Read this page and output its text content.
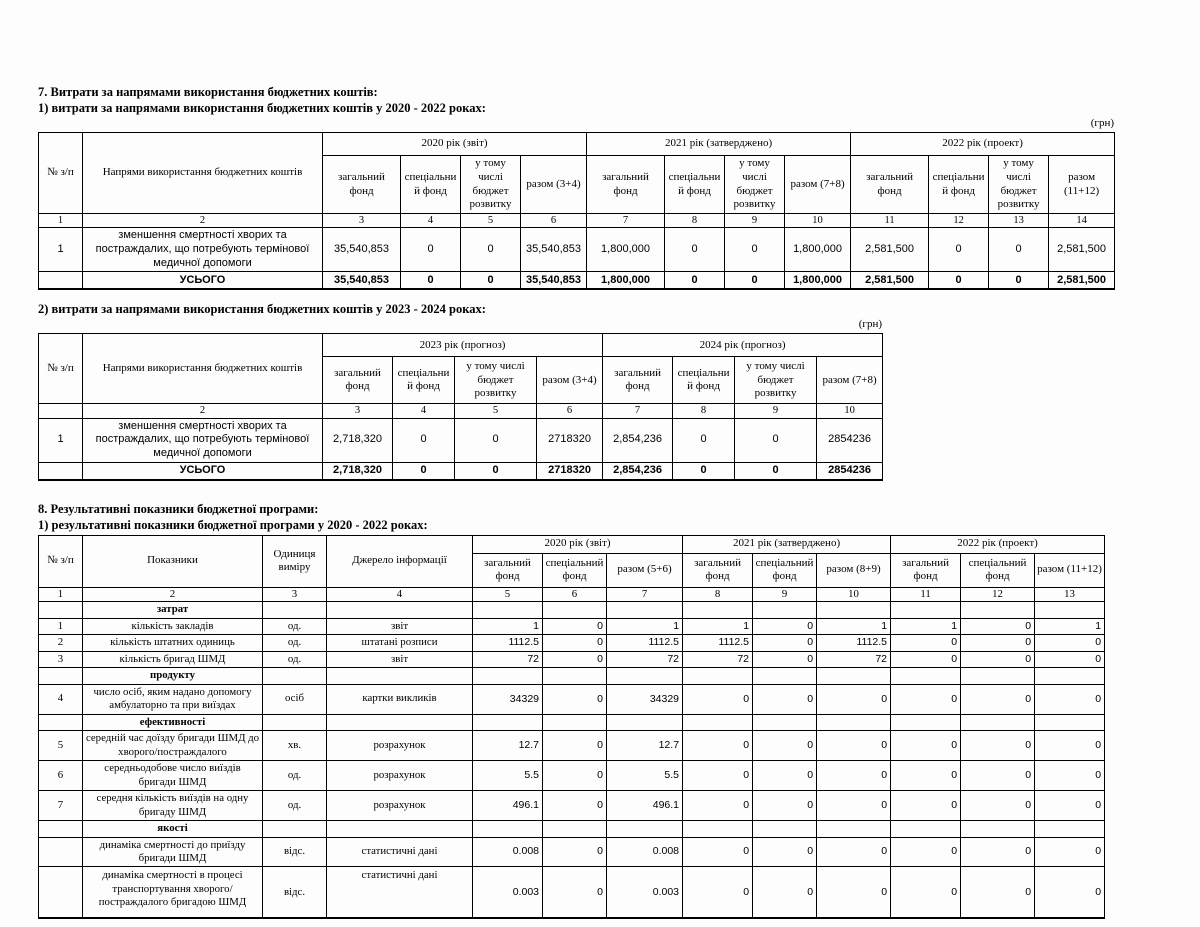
7. Витрати за напрямами використання бюджетних коштів:
1) витрати за напрямами використання бюджетних коштів у 2020 - 2022 роках:
(грн)
№ з/п	Напрями використання бюджетних коштів	2020 рік (звіт)				2021 рік (затверджено)				2022 рік (проект)			
		загальний фонд	спеціальний фонд	у тому числі бюджет розвитку	разом (3+4)	загальний фонд	спеціальний фонд	у тому числі бюджет розвитку	разом (7+8)	загальний фонд	спеціальний фонд	у тому числі бюджет розвитку	разом (11+12)
1	2	3	4	5	6	7	8	9	10	11	12	13	14
1	зменшення смертності хворих та постраждалих, що потребують термінової медичної допомоги	35,540,853	0	0	35,540,853	1,800,000	0	0	1,800,000	2,581,500	0	0	2,581,500
	УСЬОГО	35,540,853	0	0	35,540,853	1,800,000	0	0	1,800,000	2,581,500	0	0	2,581,500
2) витрати за напрямами використання бюджетних коштів у 2023 - 2024 роках:
(грн)
№ з/п	Напрями використання бюджетних коштів	2023 рік (прогноз)				2024 рік (прогноз)			
		загальний фонд	спеціальний фонд	у тому числі бюджет розвитку	разом (3+4)	загальний фонд	спеціальний фонд	у тому числі бюджет розвитку	разом (7+8)
	2	3	4	5	6	7	8	9	10
1	зменшення смертності хворих та постраждалих, що потребують термінової медичної допомоги	2,718,320	0	0	2718320	2,854,236	0	0	2854236
	УСЬОГО	2,718,320	0	0	2718320	2,854,236	0	0	2854236
8. Результативні показники бюджетної програми:
1) результативні показники бюджетної програми у 2020 - 2022 роках:
№ з/п	Показники	Одиниця виміру	Джерело інформації	2020 рік (звіт)			2021 рік (затверджено)			2022 рік (проект)		
				загальний фонд	спеціальний фонд	разом (5+6)	загальний фонд	спеціальний фонд	разом (8+9)	загальний фонд	спеціальний фонд	разом (11+12)
1	2	3	4	5	6	7	8	9	10	11	12	13
	затрат											
1	кількість закладів	од.	звіт	1	0	1	1	0	1	1	0	1
2	кількість штатних одиниць	од.	штатані розписи	1112.5	0	1112.5	1112.5	0	1112.5	0	0	0
3	кількість бригад ШМД	од.	звіт	72	0	72	72	0	72	0	0	0
	продукту											
4	число осіб, яким надано допомогу амбулаторно та при виїздах	осіб	картки викликів	34329	0	34329	0	0	0	0	0	0
	ефективності											
5	середній час доїзду бригади ШМД до хворого/постраждалого	хв.	розрахунок	12.7	0	12.7	0	0	0	0	0	0
6	середньодобове число виїздів бригади ШМД	од.	розрахунок	5.5	0	5.5	0	0	0	0	0	0
7	середня кількість виїздів на одну бригаду ШМД	од.	розрахунок	496.1	0	496.1	0	0	0	0	0	0
	якості											
	динаміка смертності до приїзду бригади ШМД	відс.	статистичні дані	0.008	0	0.008	0	0	0	0	0	0
	динаміка смертності в процесі транспортування хворого/постраждалого бригадою ШМД	відс.	статистичні дані	0.003	0	0.003	0	0	0	0	0	0
